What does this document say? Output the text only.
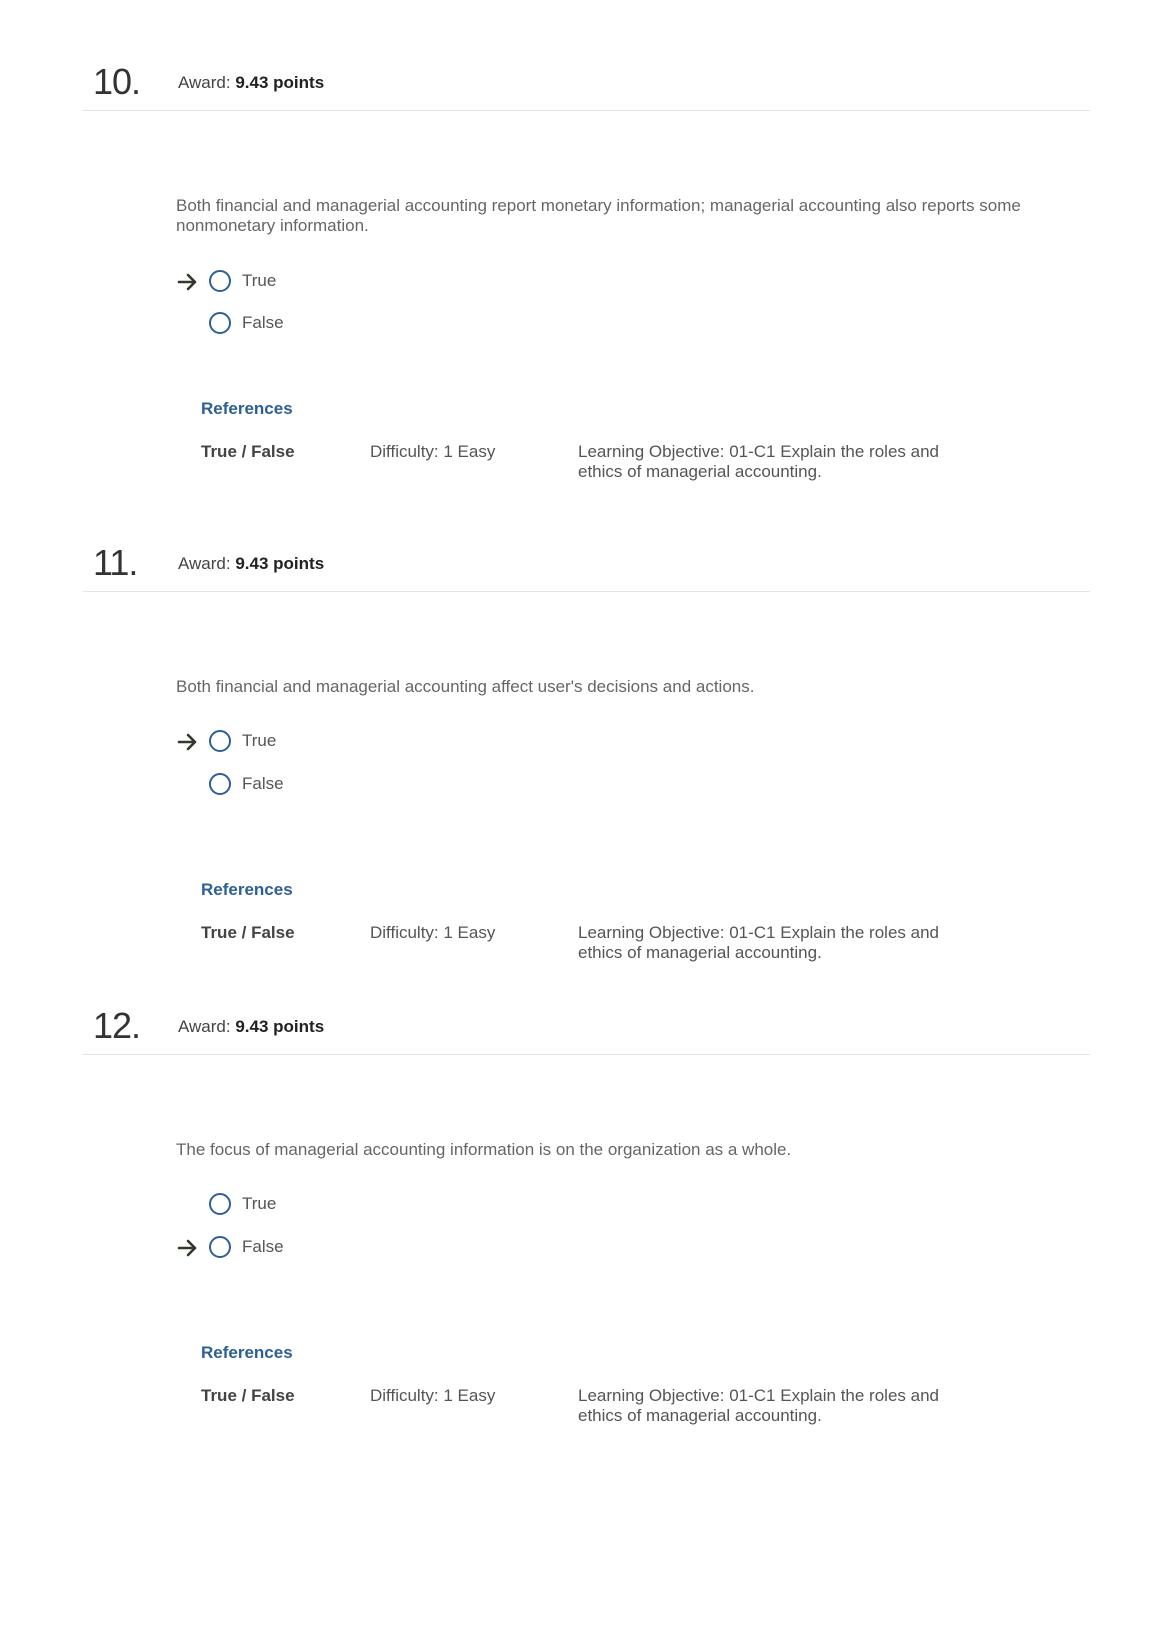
10. Award: 9.43 points
Both financial and managerial accounting report monetary information; managerial accounting also reports some nonmonetary information.
True
False
References
True / False	Difficulty: 1 Easy	Learning Objective: 01-C1 Explain the roles and ethics of managerial accounting.
11. Award: 9.43 points
Both financial and managerial accounting affect user's decisions and actions.
True
False
References
True / False	Difficulty: 1 Easy	Learning Objective: 01-C1 Explain the roles and ethics of managerial accounting.
12. Award: 9.43 points
The focus of managerial accounting information is on the organization as a whole.
True
False
References
True / False	Difficulty: 1 Easy	Learning Objective: 01-C1 Explain the roles and ethics of managerial accounting.
